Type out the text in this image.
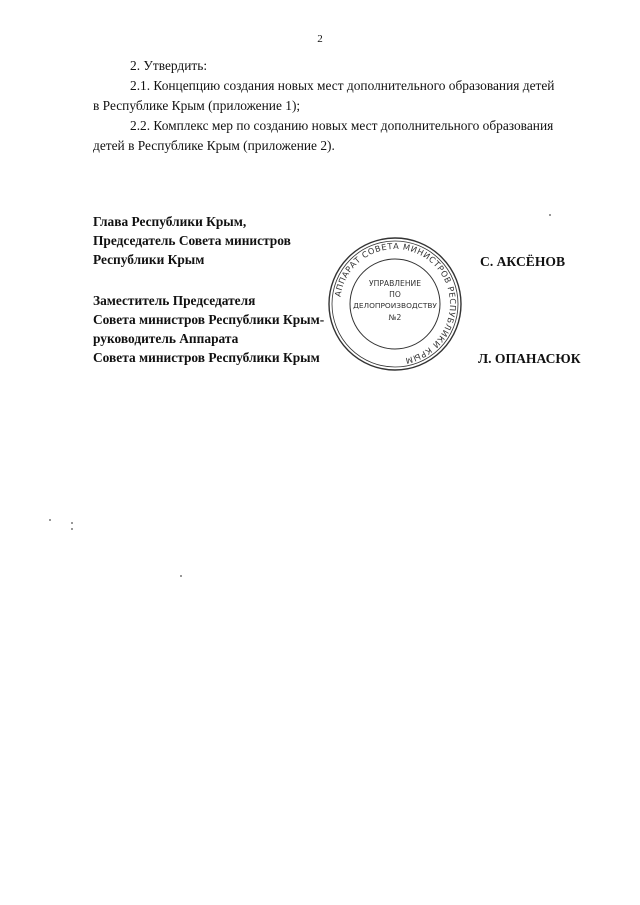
2
2. Утвердить:
2.1. Концепцию создания новых мест дополнительного образования детей
в Республике Крым (приложение 1);
2.2. Комплекс мер по созданию новых мест дополнительного образования
детей в Республике Крым (приложение 2).
Глава Республики Крым,
Председатель Совета министров
Республики Крым	С. АКСЁНОВ
Заместитель Председателя
Совета министров Республики Крым-
руководитель Аппарата
Совета министров Республики Крым	Л. ОПАНАСЮК
АППАРАТ СОВЕТА МИНИСТРОВ РЕСПУБЛИКИ КРЫМ
УПРАВЛЕНИЕ
ПО
ДЕЛОПРОИЗВОДСТВУ
№2
